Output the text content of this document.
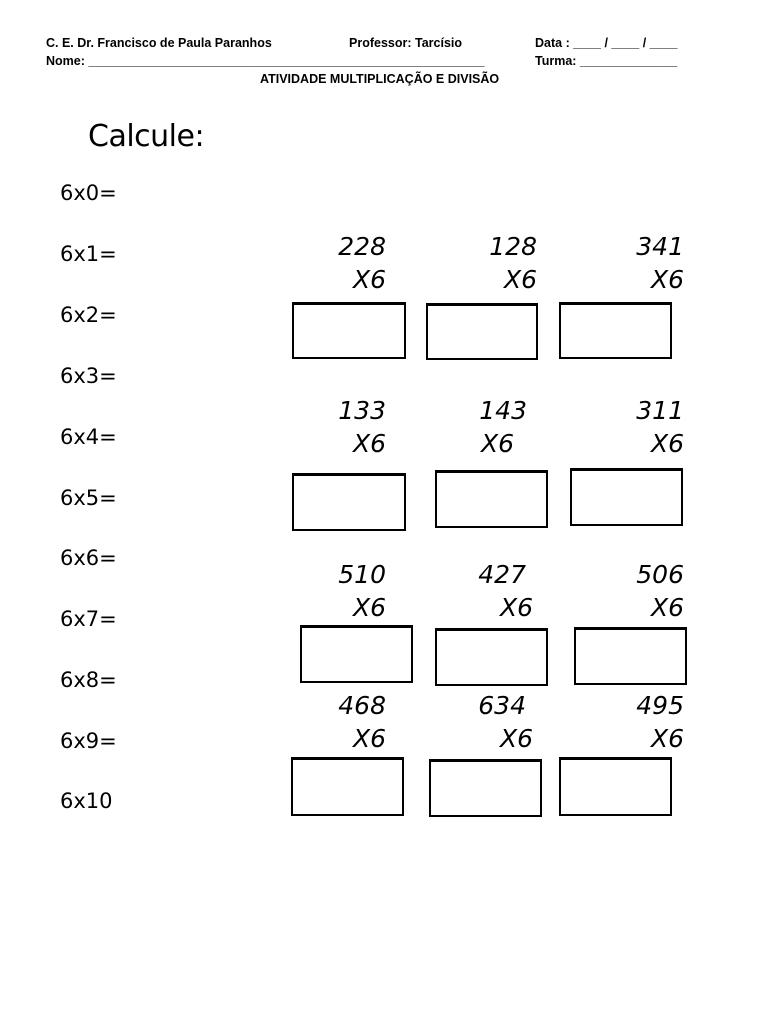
C. E. Dr. Francisco de Paula Paranhos	Professor: Tarcísio	Data : ____ / ____ / ____
Nome: _________________________________________________________	Turma: ______________
ATIVIDADE MULTIPLICAÇÃO E DIVISÃO
Calcule:
6x0=
6x1=
6x2=
6x3=
6x4=
6x5=
6x6=
6x7=
6x8=
6x9=
6x10
228
X6
128
X6
341
X6
133
X6
143
X6
311
X6
510
X6
427
X6
506
X6
468
X6
634
X6
495
X6
